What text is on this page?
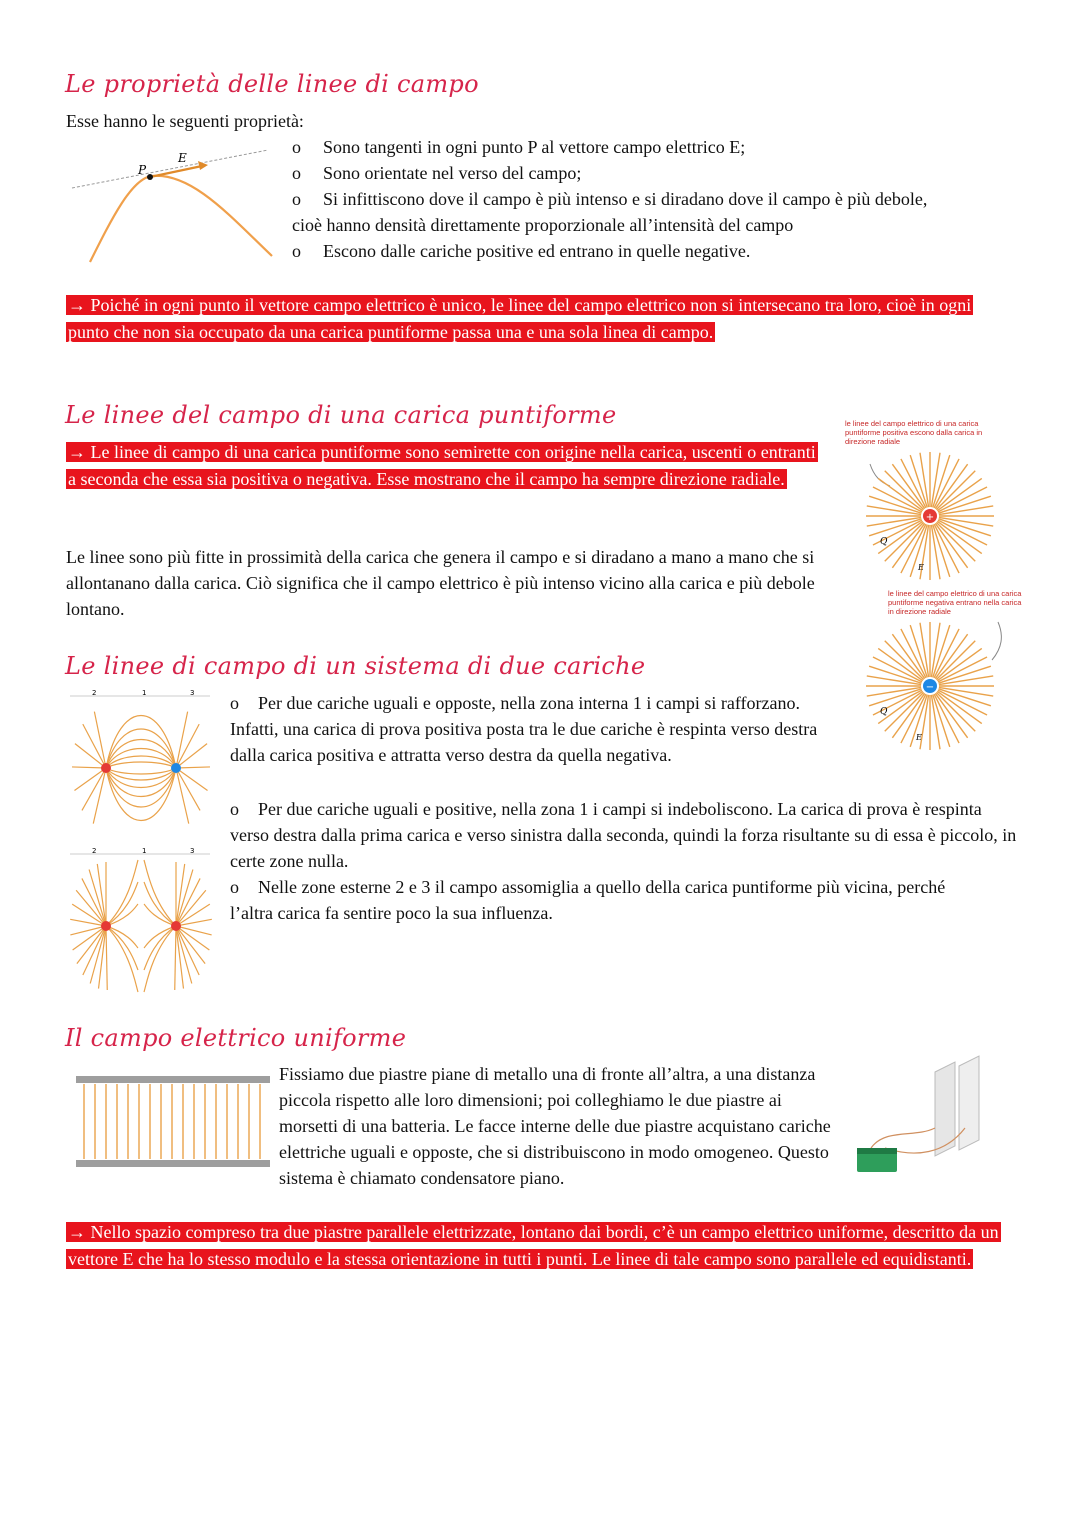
Le proprietà delle linee di campo
Esse hanno le seguenti proprietà:
P
E
o Sono tangenti in ogni punto P al vettore campo elettrico E;
o Sono orientate nel verso del campo;
o Si infittiscono dove il campo è più intenso e si diradano dove il campo è più debole,
cioè hanno densità direttamente proporzionale all’intensità del campo
o Escono dalle cariche positive ed entrano in quelle negative.
→ Poiché in ogni punto il vettore campo elettrico è unico, le linee del campo elettrico non si intersecano tra loro, cioè in ogni punto che non sia occupato da una carica puntiforme passa una e una sola linea di campo.
Le linee del campo di una carica puntiforme
→ Le linee di campo di una carica puntiforme sono semirette con origine nella carica, uscenti o entranti a seconda che essa sia positiva o negativa. Esse mostrano che il campo ha sempre direzione radiale.
Le linee sono più fitte in prossimità della carica che genera il campo e si diradano a mano a mano che si allontanano dalla carica. Ciò significa che il campo elettrico è più intenso vicino alla carica e più debole lontano.
le linee del campo elettrico di una carica puntiforme positiva escono dalla carica in direzione radiale
+
Q
E
le linee del campo elettrico di una carica puntiforme negativa entrano nella carica in direzione radiale
−
Q
E
Le linee di campo di un sistema di due cariche
2	1	3
2	1	3
o Per due cariche uguali e opposte, nella zona interna 1 i campi si rafforzano. Infatti, una carica di prova positiva posta tra le due cariche è respinta verso destra dalla carica positiva e attratta verso destra da quella negativa.
o Per due cariche uguali e positive, nella zona 1 i campi si indeboliscono. La carica di prova è respinta verso destra dalla prima carica e verso sinistra dalla seconda, quindi la forza risultante su di essa è piccolo, in certe zone nulla.
o Nelle zone esterne 2 e 3 il campo assomiglia a quello della carica puntiforme più vicina, perché l’altra carica fa sentire poco la sua influenza.
Il campo elettrico uniforme
Fissiamo due piastre piane di metallo una di fronte all’altra, a una distanza piccola rispetto alle loro dimensioni; poi colleghiamo le due piastre ai morsetti di una batteria. Le facce interne delle due piastre acquistano cariche elettriche uguali e opposte, che si distribuiscono in modo omogeneo. Questo sistema è chiamato condensatore piano.
→ Nello spazio compreso tra due piastre parallele elettrizzate, lontano dai bordi, c’è un campo elettrico uniforme, descritto da un vettore E che ha lo stesso modulo e la stessa orientazione in tutti i punti. Le linee di tale campo sono parallele ed equidistanti.
